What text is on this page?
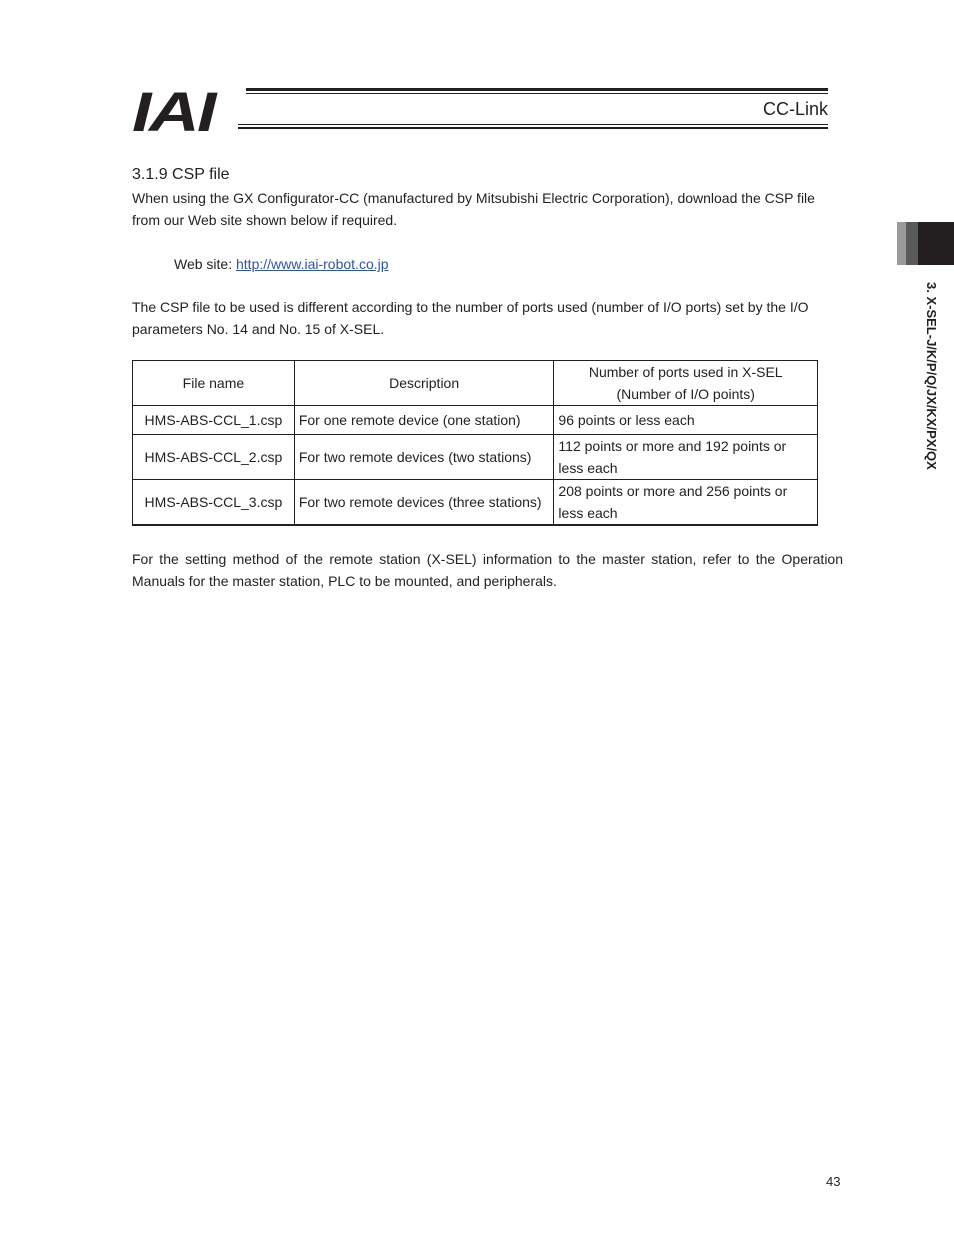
IAI	CC-Link
3. X-SEL-J/K/P/Q/JX/KX/PX/QX
3.1.9 CSP file
When using the GX Configurator-CC (manufactured by Mitsubishi Electric Corporation), download the CSP file from our Web site shown below if required.
Web site: http://www.iai-robot.co.jp
The CSP file to be used is different according to the number of ports used (number of I/O ports) set by the I/O parameters No. 14 and No. 15 of X-SEL.
File name	Description	Number of ports used in X-SEL
(Number of I/O points)

HMS-ABS-CCL_1.csp	For one remote device (one station)	96 points or less each
HMS-ABS-CCL_2.csp	For two remote devices (two stations)	112 points or more and 192 points or less each
HMS-ABS-CCL_3.csp	For two remote devices (three stations)	208 points or more and 256 points or less each
For the setting method of the remote station (X-SEL) information to the master station, refer to the Operation Manuals for the master station, PLC to be mounted, and peripherals.
43
